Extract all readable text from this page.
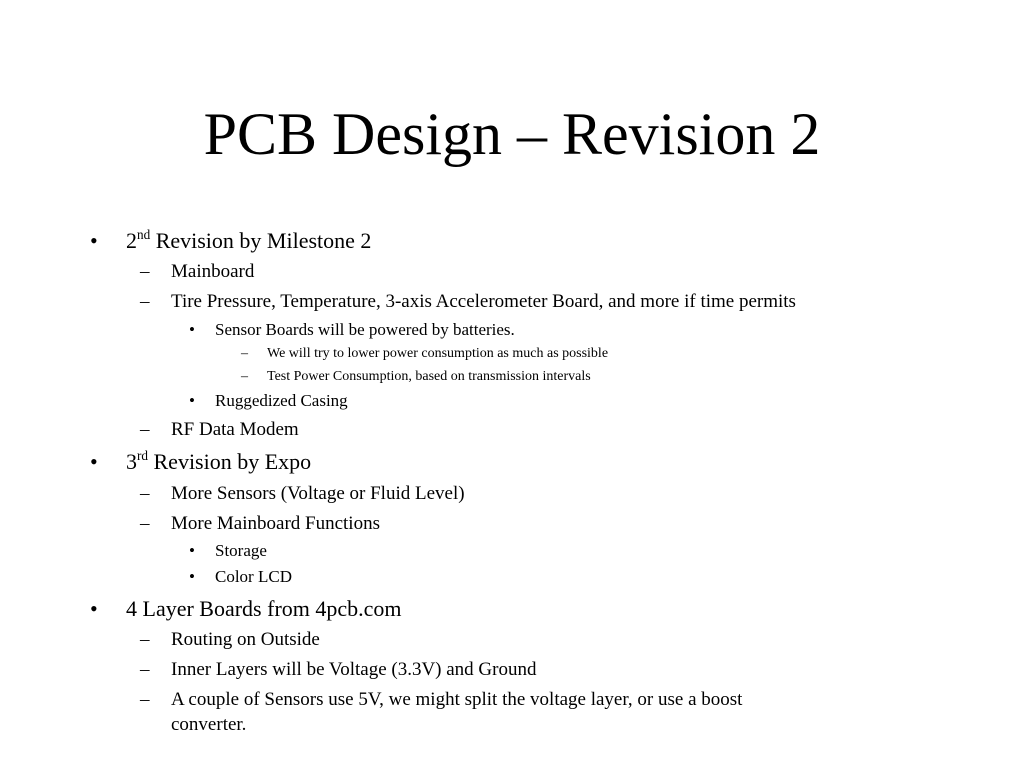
PCB Design – Revision 2
• 2nd Revision by Milestone 2
– Mainboard
– Tire Pressure, Temperature, 3-axis Accelerometer Board, and more if time permits
• Sensor Boards will be powered by batteries.
– We will try to lower power consumption as much as possible
– Test Power Consumption, based on transmission intervals
• Ruggedized Casing
– RF Data Modem
• 3rd Revision by Expo
– More Sensors (Voltage or Fluid Level)
– More Mainboard Functions
• Storage
• Color LCD
• 4 Layer Boards from 4pcb.com
– Routing on Outside
– Inner Layers will be Voltage (3.3V) and Ground
– A couple of Sensors use 5V, we might split the voltage layer, or use a boost
converter.
